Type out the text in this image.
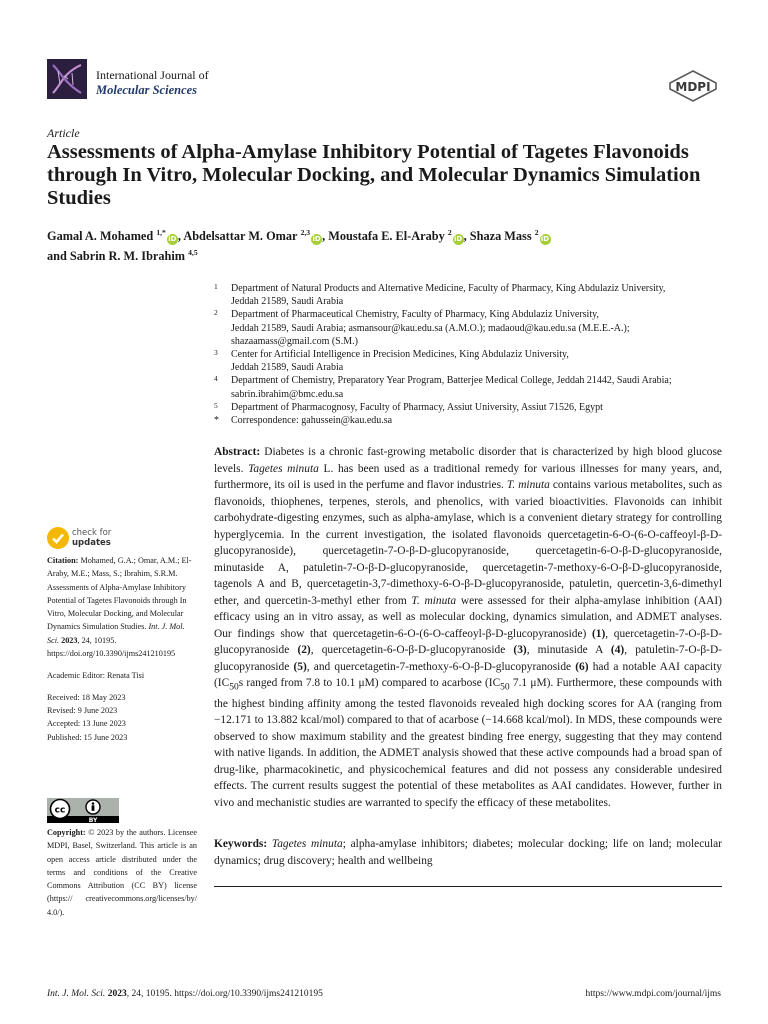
International Journal of
Molecular Sciences	MDPI
Article
Assessments of Alpha-Amylase Inhibitory Potential of Tagetes Flavonoids through In Vitro, Molecular Docking, and Molecular Dynamics Simulation Studies
Gamal A. Mohamed $^{1,*}$iD, Abdelsattar M. Omar $^{2,3}$iD, Moustafa E. El-Araby $^2$iD, Shaza Mass $^2$iD
and Sabrin R. M. Ibrahim $^{4,5}$
1 Department of Natural Products and Alternative Medicine, Faculty of Pharmacy, King Abdulaziz University,
Jeddah 21589, Saudi Arabia
2 Department of Pharmaceutical Chemistry, Faculty of Pharmacy, King Abdulaziz University,
Jeddah 21589, Saudi Arabia; asmansour@kau.edu.sa (A.M.O.); madaoud@kau.edu.sa (M.E.E.-A.);
shazaamass@gmail.com (S.M.)
3 Center for Artificial Intelligence in Precision Medicines, King Abdulaziz University,
Jeddah 21589, Saudi Arabia
4 Department of Chemistry, Preparatory Year Program, Batterjee Medical College, Jeddah 21442, Saudi Arabia;
sabrin.ibrahim@bmc.edu.sa
5 Department of Pharmacognosy, Faculty of Pharmacy, Assiut University, Assiut 71526, Egypt
* Correspondence: gahussein@kau.edu.sa

Abstract: Diabetes is a chronic fast-growing metabolic disorder that is characterized by high blood glucose levels. Tagetes minuta L. has been used as a traditional remedy for various illnesses for many years, and, furthermore, its oil is used in the perfume and flavor industries. T. minuta contains various metabolites, such as flavonoids, thiophenes, terpenes, sterols, and phenolics, with varied bioactivities. Flavonoids can inhibit carbohydrate-digesting enzymes, such as alpha-amylase, which is a convenient dietary strategy for controlling hyperglycemia. In the current investigation, the isolated flavonoids quercetagetin-6-O-(6-O-caffeoyl-β-D-glucopyranoside), quercetagetin-7-O-β-D-glucopyranoside, quercetagetin-6-O-β-D-glucopyranoside, minutaside A, patuletin-7-O-β-D-glucopyranoside, quercetagetin-7-methoxy-6-O-β-D-glucopyranoside, tagenols A and B, quercetagetin-3,7-dimethoxy-6-O-β-D-glucopyranoside, patuletin, quercetin-3,6-dimethyl ether, and quercetin-3-methyl ether from T. minuta were assessed for their alpha-amylase inhibition (AAI) efficacy using an in vitro assay, as well as molecular docking, dynamics simulation, and ADMET analyses. Our findings show that quercetagetin-6-O-(6-O-caffeoyl-β-D-glucopyranoside) (1), quercetagetin-7-O-β-D-glucopyranoside (2), quercetagetin-6-O-β-D-glucopyranoside (3), minutaside A (4), patuletin-7-O-β-D-glucopyranoside (5), and quercetagetin-7-methoxy-6-O-β-D-glucopyranoside (6) had a notable AAI capacity ($IC_{50}s$ ranged from 7.8 to 10.1 μM) compared to acarbose ($IC_{50}$ 7.1 μM). Furthermore, these compounds with the highest binding affinity among the tested flavonoids revealed high docking scores for AA (ranging from −12.171 to 13.882 kcal/mol) compared to that of acarbose (−14.668 kcal/mol). In MDS, these compounds were observed to show maximum stability and the greatest binding free energy, suggesting that they may contend with native ligands. In addition, the ADMET analysis showed that these active compounds had a broad span of drug-like, pharmacokinetic, and physicochemical features and did not possess any considerable undesired effects. The current results suggest the potential of these metabolites as AAI candidates. However, further in vivo and mechanistic studies are warranted to specify the efficacy of these metabolites.

Keywords: Tagetes minuta; alpha-amylase inhibitors; diabetes; molecular docking; life on land; molecular dynamics; drug discovery; health and wellbeing

check for
updates

Citation: Mohamed, G.A.; Omar, A.M.; El-Araby, M.E.; Mass, S.; Ibrahim, S.R.M. Assessments of Alpha-Amylase Inhibitory Potential of Tagetes Flavonoids through In Vitro, Molecular Docking, and Molecular Dynamics Simulation Studies. Int. J. Mol. Sci. 2023, 24, 10195. https://doi.org/10.3390/ijms241210195

Academic Editor: Renata Tisi

Received: 18 May 2023

Revised: 9 June 2023

Accepted: 13 June 2023

Published: 15 June 2023

cc
BY

Copyright: © 2023 by the authors. Licensee MDPI, Basel, Switzerland. This article is an open access article distributed under the terms and conditions of the Creative Commons Attribution (CC BY) license (https:// creativecommons.org/licenses/by/ 4.0/).

Int. J. Mol. Sci. 2023, 24, 10195. https://doi.org/10.3390/ijms241210195	https://www.mdpi.com/journal/ijms
